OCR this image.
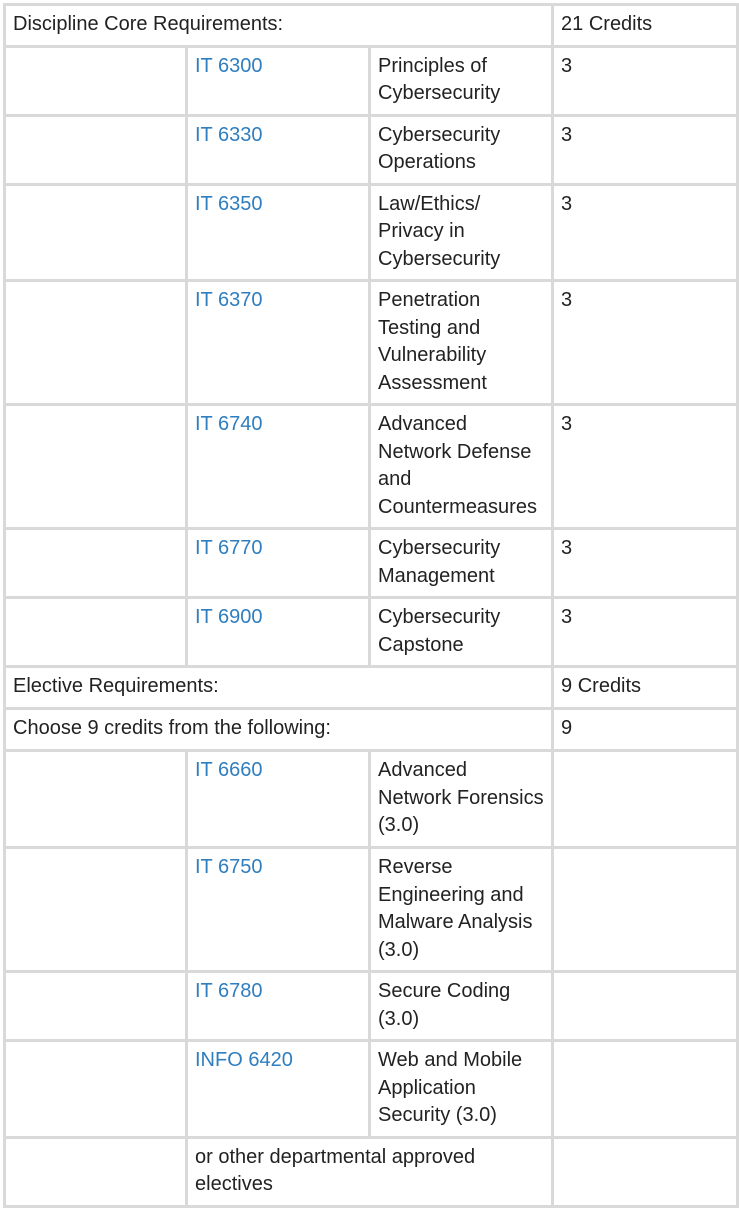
Discipline Core Requirements:			21 Credits
	IT 6300	Principles of Cybersecurity	3
	IT 6330	Cybersecurity Operations	3
	IT 6350	Law/Ethics/ Privacy in Cybersecurity	3
	IT 6370	Penetration Testing and Vulnerability Assessment	3
	IT 6740	Advanced Network Defense and Countermeasures	3
	IT 6770	Cybersecurity Management	3
	IT 6900	Cybersecurity Capstone	3
Elective Requirements:			9 Credits
Choose 9 credits from the following:			9
	IT 6660	Advanced Network Forensics (3.0)	
	IT 6750	Reverse Engineering and Malware Analysis (3.0)	
	IT 6780	Secure Coding (3.0)	
	INFO 6420	Web and Mobile Application Security (3.0)	
	or other departmental approved electives		
